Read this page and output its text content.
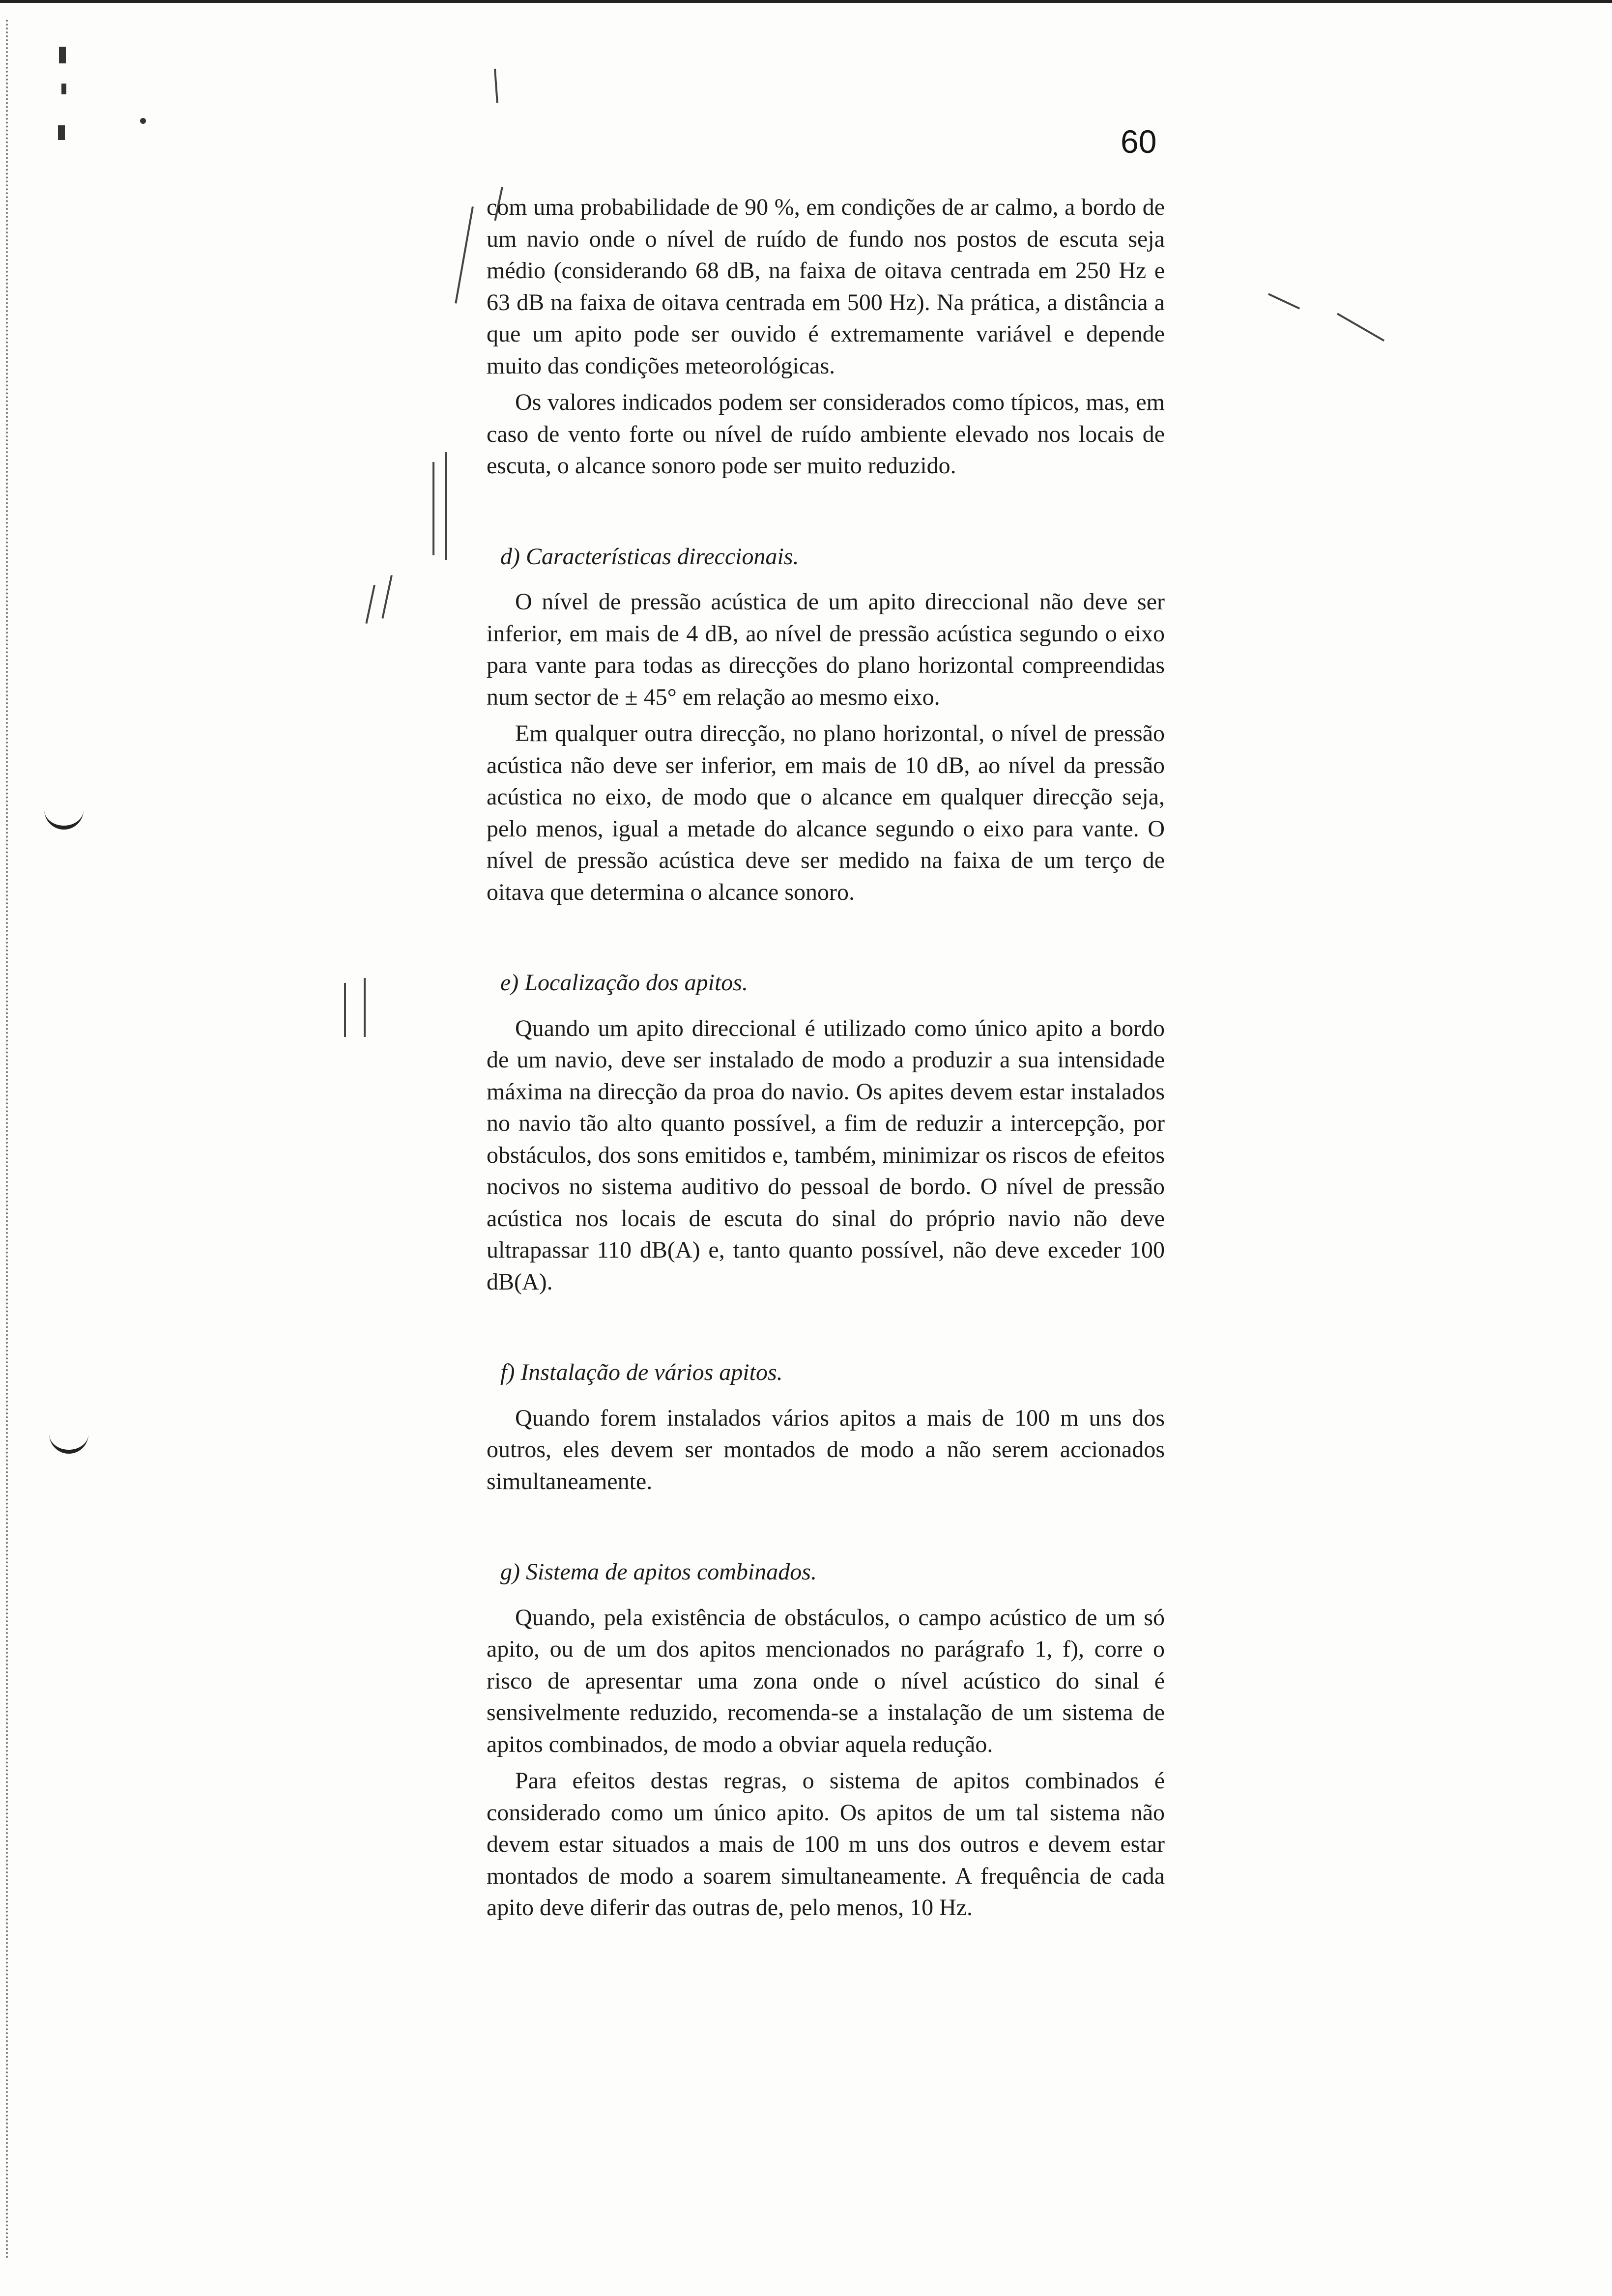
60

com uma probabilidade de 90 %, em condições de ar calmo, a bordo de um navio onde o nível de ruído de fundo nos postos de escuta seja médio (considerando 68 dB, na faixa de oitava centrada em 250 Hz e 63 dB na faixa de oitava centrada em 500 Hz). Na prática, a distância a que um apito pode ser ouvido é extremamente variável e depende muito das condições meteorológicas.

Os valores indicados podem ser considerados como típicos, mas, em caso de vento forte ou nível de ruído ambiente elevado nos locais de escuta, o alcance sonoro pode ser muito reduzido.

d) Características direccionais.

O nível de pressão acústica de um apito direccional não deve ser inferior, em mais de 4 dB, ao nível de pressão acústica segundo o eixo para vante para todas as direcções do plano horizontal compreendidas num sector de ± 45° em relação ao mesmo eixo.

Em qualquer outra direcção, no plano horizontal, o nível de pressão acústica não deve ser inferior, em mais de 10 dB, ao nível da pressão acústica no eixo, de modo que o alcance em qualquer direcção seja, pelo menos, igual a metade do alcance segundo o eixo para vante. O nível de pressão acústica deve ser medido na faixa de um terço de oitava que determina o alcance sonoro.

e) Localização dos apitos.

Quando um apito direccional é utilizado como único apito a bordo de um navio, deve ser instalado de modo a produzir a sua intensidade máxima na direcção da proa do navio. Os apites devem estar instalados no navio tão alto quanto possível, a fim de reduzir a intercepção, por obstáculos, dos sons emitidos e, também, minimizar os riscos de efeitos nocivos no sistema auditivo do pessoal de bordo. O nível de pressão acústica nos locais de escuta do sinal do próprio navio não deve ultrapassar 110 dB(A) e, tanto quanto possível, não deve exceder 100 dB(A).

f) Instalação de vários apitos.

Quando forem instalados vários apitos a mais de 100 m uns dos outros, eles devem ser montados de modo a não serem accionados simultaneamente.

g) Sistema de apitos combinados.

Quando, pela existência de obstáculos, o campo acústico de um só apito, ou de um dos apitos mencionados no parágrafo 1, f), corre o risco de apresentar uma zona onde o nível acústico do sinal é sensivelmente reduzido, recomenda-se a instalação de um sistema de apitos combinados, de modo a obviar aquela redução.

Para efeitos destas regras, o sistema de apitos combinados é considerado como um único apito. Os apitos de um tal sistema não devem estar situados a mais de 100 m uns dos outros e devem estar montados de modo a soarem simultaneamente. A frequência de cada apito deve diferir das outras de, pelo menos, 10 Hz.
